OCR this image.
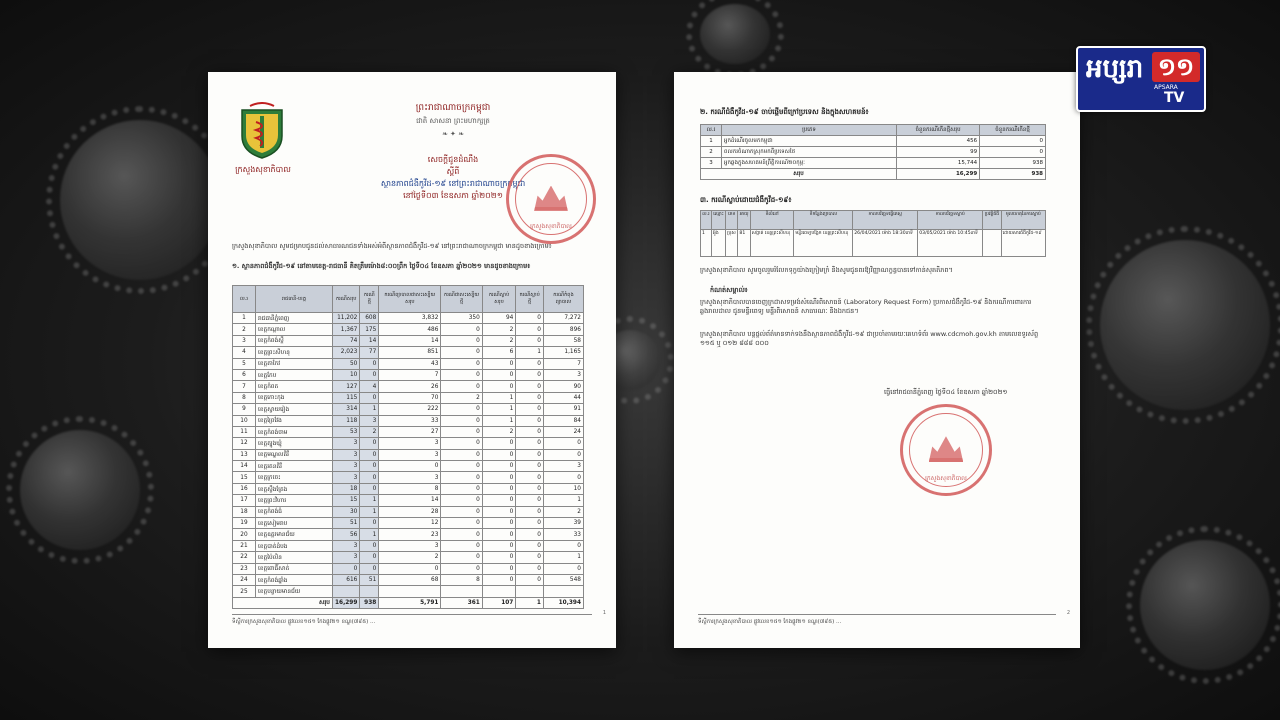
ក្រសួងសុខាភិបាល
ព្រះរាជាណាចក្រកម្ពុជា
ជាតិ សាសនា ព្រះមហាក្សត្រ
❧ ✦ ❧
សេចក្តីជូនដំណឹង
ស្តីពី
ស្ថានភាពជំងឺកូវីដ-១៩ នៅព្រះរាជាណាចក្រកម្ពុជា
នៅថ្ងៃទី០៣ ខែឧសភា ឆ្នាំ២០២១
ក្រសួងសុខាភិបាល
ក្រសួងសុខាភិបាល សូមជម្រាបជូនដល់សាធារណជនទាំងអស់អំពីស្ថានភាពជំងឺកូវីដ-១៩ នៅព្រះរាជាណាចក្រកម្ពុជា មានដូចខាងក្រោម៖
១. ស្ថានភាពជំងឺកូវីដ-១៩ នៅតាមខេត្ត-រាជធានី គិតត្រឹមម៉ោង៨:០០ព្រឹក ថ្ងៃទី០៤ ខែឧសភា ឆ្នាំ២០២១ មានដូចខាងក្រោម៖
ល.រ	រាជធានី-ខេត្ត	ករណីសរុប	ករណីថ្មី	ករណីព្យាបាលជាសះស្បើយសរុប	ករណីជាសះស្បើយថ្មី	ករណីស្លាប់សរុប	ករណីស្លាប់ថ្មី	ករណីកំពុងព្យាបាល
1	រាជធានីភ្នំពេញ	11,202	608	3,832	350	94	0	7,272
2	ខេត្តកណ្តាល	1,367	175	486	0	2	0	896
3	ខេត្តកំពង់ស្ពឺ	74	14	14	0	2	0	58
4	ខេត្តព្រះសីហនុ	2,023	77	851	0	6	1	1,165
5	ខេត្តតាកែវ	50	0	43	0	0	0	7
6	ខេត្តកែប	10	0	7	0	0	0	3
7	ខេត្តកំពត	127	4	26	0	0	0	90
8	ខេត្តកោះកុង	115	0	70	2	1	0	44
9	ខេត្តស្វាយរៀង	314	1	222	0	1	0	91
10	ខេត្តព្រៃវែង	118	3	33	0	1	0	84
11	ខេត្តកំពង់ចាម	53	2	27	0	2	0	24
12	ខេត្តត្បូងឃ្មុំ	3	0	3	0	0	0	0
13	ខេត្តមណ្ឌលគិរី	3	0	3	0	0	0	0
14	ខេត្តរតនគិរី	3	0	0	0	0	0	3
15	ខេត្តក្រចេះ	3	0	3	0	0	0	0
16	ខេត្តស្ទឹងត្រែង	18	0	8	0	0	0	10
17	ខេត្តព្រះវិហារ	15	1	14	0	0	0	1
18	ខេត្តកំពង់ធំ	30	1	28	0	0	0	2
19	ខេត្តសៀមរាប	51	0	12	0	0	0	39
20	ខេត្តឧត្តរមានជ័យ	56	1	23	0	0	0	33
21	ខេត្តបាត់ដំបង	3	0	3	0	0	0	0
22	ខេត្តប៉ៃលិន	3	0	2	0	0	0	1
23	ខេត្តពោធិ៍សាត់	0	0	0	0	0	0	0
24	ខេត្តកំពង់ឆ្នាំង	616	51	68	8	0	0	548
25	ខេត្តបន្ទាយមានជ័យ							
សរុប		16,299	938	5,791	361	107	1	10,394
1
ទីស្តីការក្រសួងសុខាភិបាល ផ្លូវលេខ១៥១ កែងផ្លូវ២១ ខណ្ឌ(៧៩៥) ...
២. ករណីជំងឺកូវីដ-១៩ ចាប់ផ្តើមពីក្រៅប្រទេស និងក្នុងសហគមន៍៖
ល.រ	ប្រភេទ	ចំនួនករណីកើនថ្មីសរុប	ចំនួនករណីកើនថ្មី
1	អ្នកដំណើរចូលមកកម្ពុជា	456	0
2	ពលករចំណាកស្រុកមកពីប្រទេសថៃ	99	0
3	អ្នកឆ្លងក្នុងសហគមន៍ព្រឹត្តិការណ៍២០កុម្ភៈ	15,744	938
សរុប		16,299	938
៣. ករណីស្លាប់ដោយជំងឺកូវីដ-១៩៖
ល.រ	ឈ្មោះ	ភេទ	អាយុ	ទីលំនៅ	ទីកន្លែងព្យាបាល	កាលបរិច្ឆេទធ្វើតេស្ត	កាលបរិច្ឆេទស្លាប់	ប្រវត្តិជំងឺ	មូលហេតុនៃការស្លាប់
1	អ៊ួង	ប្រុស	81	សង្កាត់ ខេត្តព្រះសីហនុ	មន្ទីរពេទ្យបង្អែក ខេត្តព្រះសីហនុ	26/04/2021 ម៉ោង 18:30នាទី	03/05/2021 ម៉ោង 10:45នាទី		ដោយសារជំងឺកូវីដ-១៩
ក្រសួងសុខាភិបាល សូមចូលរួមរំលែកទុក្ខយ៉ាងក្រៀមក្រំ និងសូមជូនពរឱ្យវិញ្ញាណក្ខន្ធបានទៅកាន់សុគតិភព។
កំណត់សម្គាល់៖
ក្រសួងសុខាភិបាលបានចេញក្រដាសទម្រង់សំណើរពិសោធន៍ (Laboratory Request Form) ប្រកាសជំងឺកូវីដ-១៩ និងករណីការពារការឆ្លងរាលដាល ជូនមន្ទីរពេទ្យ មន្ទីរពិសោធន៍ សាធារណៈ និងឯកជន។
ក្រសួងសុខាភិបាល បន្តផ្តល់ព័ត៌មានទាក់ទងនឹងស្ថានភាពជំងឺកូវីដ-១៩ ជាប្រចាំតាមរយៈគេហទំព័រ www.cdcmoh.gov.kh តាមលេខទូរស័ព្ទ ១១៥ ឬ ០១២ ៨៨៨ ០០០
ធ្វើនៅរាជធានីភ្នំពេញ ថ្ងៃទី០៤ ខែឧសភា ឆ្នាំ២០២១
ក្រសួងសុខាភិបាល
2
ទីស្តីការក្រសួងសុខាភិបាល ផ្លូវលេខ១៥១ កែងផ្លូវ២១ ខណ្ឌ(៧៩៥) ...
អប្សរា ១១
APSARA
TV
